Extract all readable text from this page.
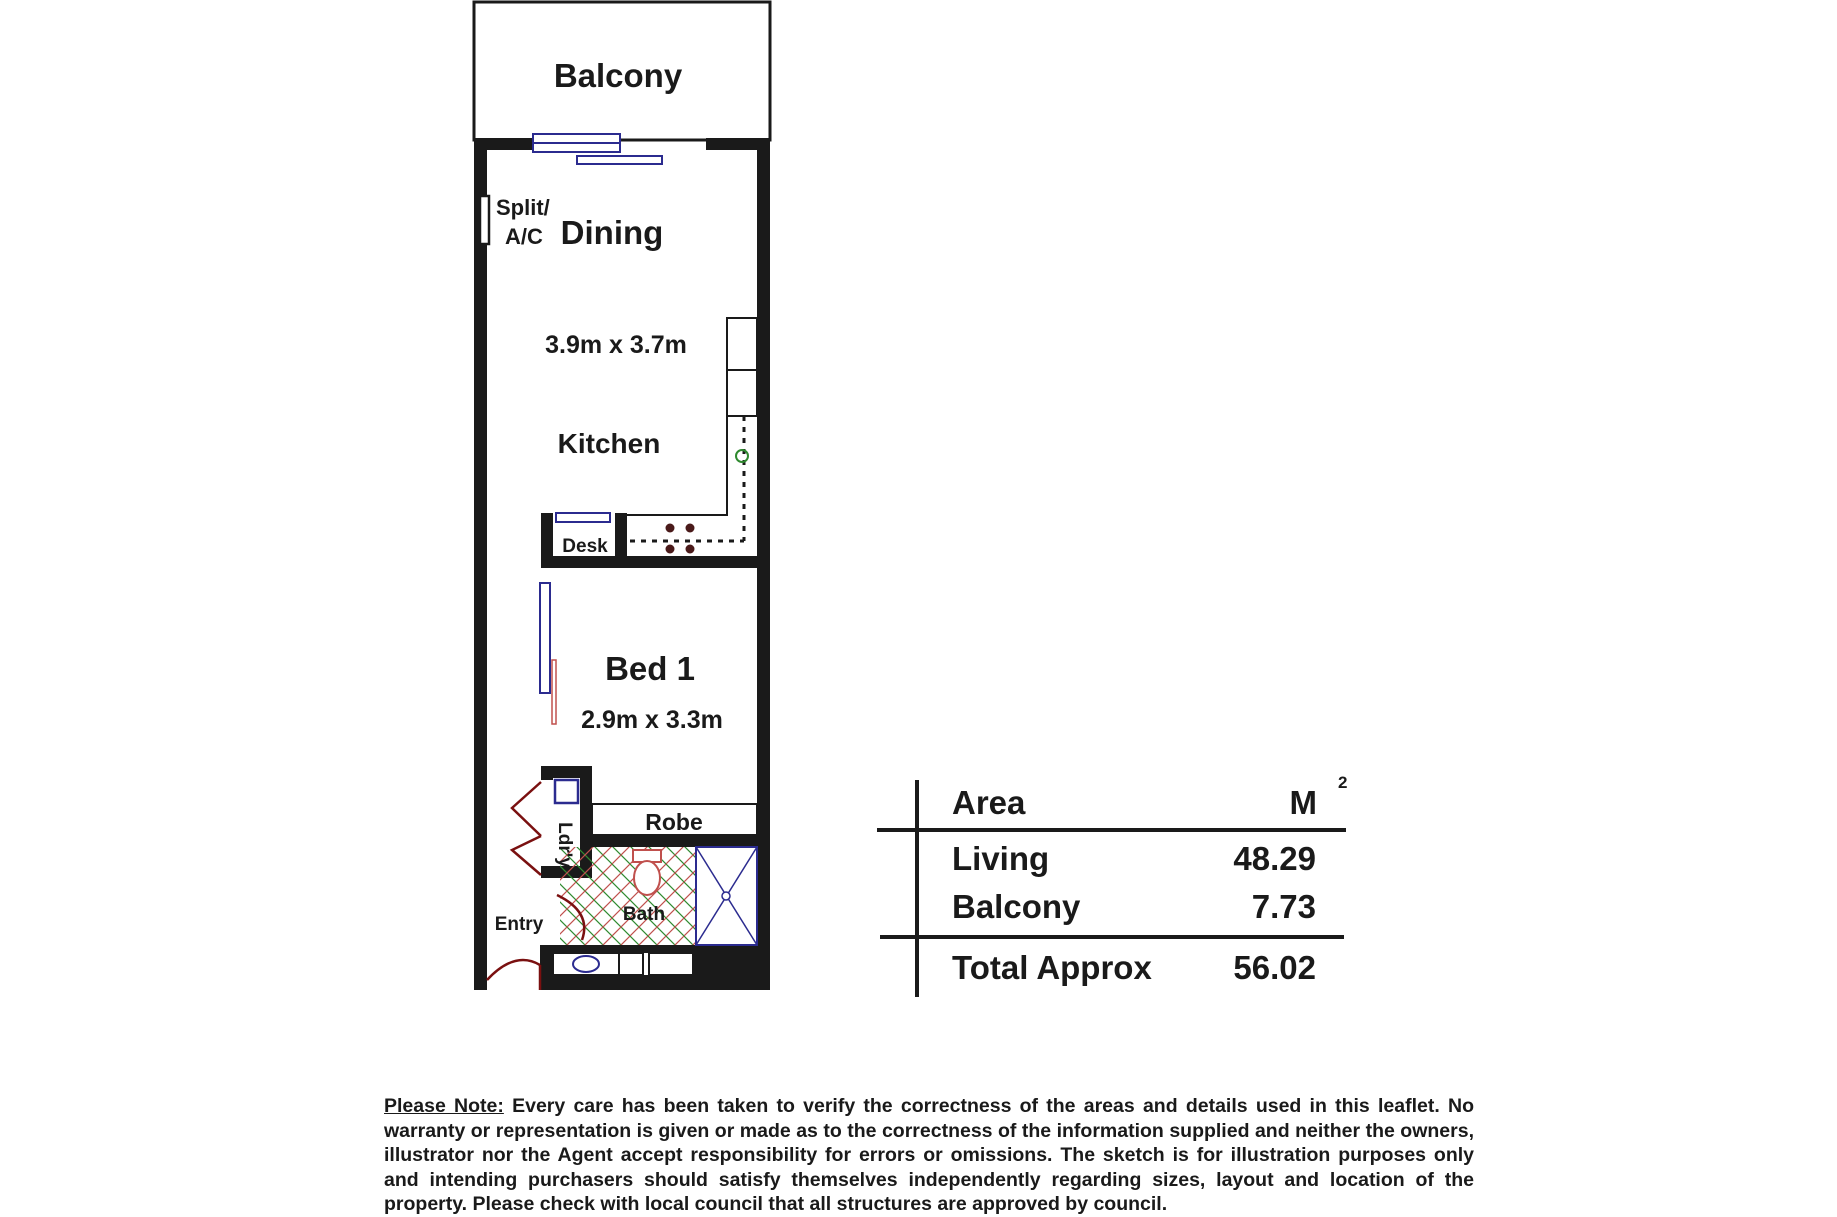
Balcony
Split/
A/C Dining
3.9m x 3.7m
Kitchen
Desk
Bed 1
2.9m x 3.3m
Robe
Ldr'y
Bath
Entry
Area	M
2
Living	48.29
Balcony	7.73
Total Approx 56.02
Please Note: Every care has been taken to verify the correctness of the areas and details used in this leaflet. No warranty or representation is given or made as to the correctness of the information supplied and neither the owners, illustrator nor the Agent accept responsibility for errors or omissions. The sketch is for illustration purposes only and intending purchasers should satisfy themselves independently regarding sizes, layout and location of the property. Please check with local council that all structures are approved by council.
